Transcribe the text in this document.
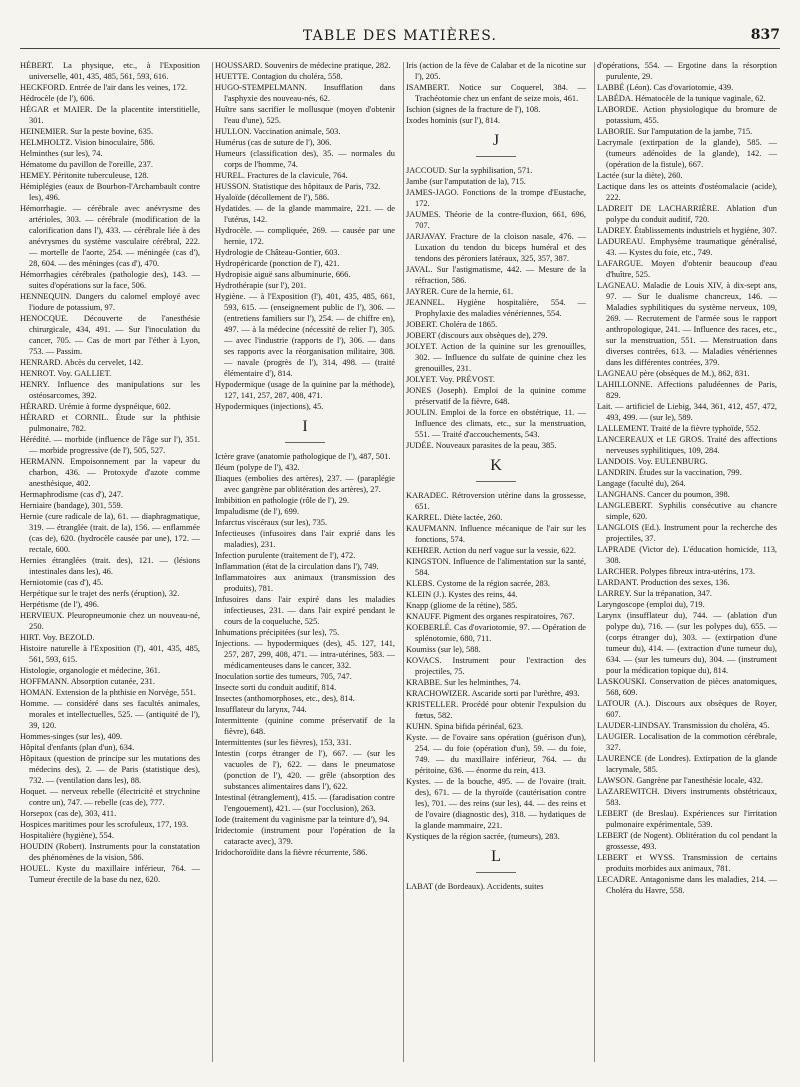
TABLE DES MATIÈRES.	837
HÉBERT. La physique, etc., à l'Exposition universelle, 401, 435, 485, 561, 593, 616.
HECKFORD. Entrée de l'air dans les veines, 172.
Hédrocèle (de l'), 606.
HÉGAR et MAIER. De la placentite interstitielle, 301.
HEINEMIER. Sur la peste bovine, 635.
HELMHOLTZ. Vision binoculaire, 586.
Helminthes (sur les), 74.
Hématome du pavillon de l'oreille, 237.
HEMEY. Péritonite tuberculeuse, 128.
Hémiplégies (eaux de Bourbon-l'Archambault contre les), 496.
Hémorrhagie. — cérébrale avec anévrysme des artérioles, 303. — cérébrale (modification de la calorification dans l'), 433. — cérébrale liée à des anévrysmes du système vasculaire cérébral, 222. — mortelle de l'aorte, 254. — méningée (cas d'), 28, 604. — des méninges (cas d'), 470.
Hémorrhagies cérébrales (pathologie des), 143. — suites d'opérations sur la face, 506.
HENNEQUIN. Dangers du calomel employé avec l'iodure de potassium, 97.
HENOCQUE. Découverte de l'anesthésie chirurgicale, 434, 491. — Sur l'inoculation du cancer, 705. — Cas de mort par l'éther à Lyon, 753. — Passim.
HENRARD. Abcès du cervelet, 142.
HENROT. Voy. GALLIET.
HENRY. Influence des manipulations sur les ostéosarcomes, 392.
HÉRARD. Urémie à forme dyspnéique, 602.
HÉRARD et CORNIL. Étude sur la phthisie pulmonaire, 782.
Hérédité. — morbide (influence de l'âge sur l'), 351. — morbide progressive (de l'), 505, 527.
HERMANN. Empoisonnement par la vapeur du charbon, 436. — Protoxyde d'azote comme anesthésique, 402.
Hermaphrodisme (cas d'), 247.
Herniaire (bandage), 301, 559.
Hernie (cure radicale de la), 61. — diaphragmatique, 319. — étranglée (trait. de la), 156. — enflammée (cas de), 620. (hydrocèle causée par une), 172. — rectale, 600.
Hernies étranglées (trait. des), 121. — (lésions intestinales dans les), 46.
Herniotomie (cas d'), 45.
Herpétique sur le trajet des nerfs (éruption), 32.
Herpétisme (de l'), 496.
HERVIEUX. Pleuropneumonie chez un nouveau-né, 250.
HIRT. Voy. BEZOLD.
Histoire naturelle à l'Exposition (l'), 401, 435, 485, 561, 593, 615.
Histologie, organologie et médecine, 361.
HOFFMANN. Absorption cutanée, 231.
HOMAN. Extension de la phthisie en Norvège, 551.
Homme. — considéré dans ses facultés animales, morales et intellectuelles, 525. — (antiquité de l'), 39, 120.
Hommes-singes (sur les), 409.
Hôpital d'enfants (plan d'un), 634.
Hôpitaux (question de principe sur les mutations des médecins des), 2. — de Paris (statistique des), 732. — (ventilation dans les), 88.
Hoquet. — nerveux rebelle (électricité et strychnine contre un), 747. — rebelle (cas de), 777.
Horsepox (cas de), 303, 411.
Hospices maritimes pour les scrofuleux, 177, 193.
Hospitalière (hygiène), 554.
HOUDIN (Robert). Instruments pour la constatation des phénomènes de la vision, 586.
HOUEL. Kyste du maxillaire inférieur, 764. — Tumeur érectile de la base du nez, 620.
HOUSSARD. Souvenirs de médecine pratique, 282.
HUETTE. Contagion du choléra, 558.
HUGO-STEMPELMANN. Insufflation dans l'asphyxie des nouveau-nés, 62.
Huître sans sacrifier le mollusque (moyen d'obtenir l'eau d'une), 525.
HULLON. Vaccination animale, 503.
Humérus (cas de suture de l'), 306.
Humeurs (classification des), 35. — normales du corps de l'homme, 74.
HUREL. Fractures de la clavicule, 764.
HUSSON. Statistique des hôpitaux de Paris, 732.
Hyaloïde (décollement de l'), 586.
Hydatides. — de la glande mammaire, 221. — de l'utérus, 142.
Hydrocèle. — compliquée, 269. — causée par une hernie, 172.
Hydrologie de Château-Gontier, 603.
Hydropéricarde (ponction de l'), 421.
Hydropisie aiguë sans albuminurie, 666.
Hydrothérapie (sur l'), 201.
Hygiène. — à l'Exposition (l'), 401, 435, 485, 661, 593, 615. — (enseignement public de l'), 306. — (entretiens familiers sur l'), 254. — de chiffre en), 497. — à la médecine (nécessité de relier l'), 305. — avec l'industrie (rapports de l'), 306. — dans ses rapports avec la réorganisation militaire, 308. — navale (progrès de l'), 314, 498. — (traité élémentaire d'), 814.
Hypodermique (usage de la quinine par la méthode), 127, 141, 257, 287, 408, 471.
Hypodermiques (injections), 45.
I
Ictère grave (anatomie pathologique de l'), 487, 501.
Iléum (polype de l'), 432.
Iliaques (embolies des artères), 237. — (paraplégie avec gangrène par oblitération des artères), 27.
Imbibition en pathologie (rôle de l'), 29.
Impaludisme (de l'), 699.
Infarctus viscéraux (sur les), 735.
Infectieuses (infusoires dans l'air exprié dans les maladies), 231.
Infection purulente (traitement de l'), 472.
Inflammation (état de la circulation dans l'), 749.
Inflammatoires aux animaux (transmission des produits), 781.
Infusoires dans l'air expiré dans les maladies infectieuses, 231. — dans l'air expiré pendant le cours de la coqueluche, 525.
Inhumations précipitées (sur les), 75.
Injections. — hypodermiques (des), 45. 127, 141, 257, 287, 299, 408, 471. — intra-utérines, 583. — médicamenteuses dans le cancer, 332.
Inoculation sortie des tumeurs, 705, 747.
Insecte sorti du conduit auditif, 814.
Insectes (anthomorphoses, etc., des), 814.
Insufflateur du larynx, 744.
Intermittente (quinine comme préservatif de la fièvre), 648.
Intermittentes (sur les fièvres), 153, 331.
Intestin (corps étranger de l'), 667. — (sur les vacuoles de l'), 622. — dans le pneumatose (ponction de l'), 420. — grêle (absorption des substances alimentaires dans l'), 622.
Intestinal (étranglement), 415. — (faradisation contre l'engouement), 421. — (sur l'occlusion), 263.
Iode (traitement du vaginisme par la teinture d'), 94.
Iridectomie (instrument pour l'opération de la cataracte avec), 379.
Iridochoroïdite dans la fièvre récurrente, 586.
Iris (action de la fève de Calabar et de la nicotine sur l'), 205.
ISAMBERT. Notice sur Coquerel, 384. — Trachéotomie chez un enfant de seize mois, 461.
Ischion (signes de la fracture de l'), 108.
Ixodes hominis (sur l'), 814.
J
JACCOUD. Sur la syphilisation, 571.
Jambe (sur l'amputation de la), 715.
JAMES-JAGO. Fonctions de la trompe d'Eustache, 172.
JAUMES. Théorie de la contre-fluxion, 661, 696, 707.
JARJAVAY. Fracture de la cloison nasale, 476. — Luxation du tendon du biceps huméral et des tendons des péroniers latéraux, 325, 357, 387.
JAVAL. Sur l'astigmatisme, 442. — Mesure de la réfraction, 586.
JAYRER. Cure de la hernie, 61.
JEANNEL. Hygiène hospitalière, 554. — Prophylaxie des maladies vénériennes, 554.
JOBERT. Choléra de 1865.
JOBERT (discours aux obsèques de), 279.
JOLYET. Action de la quinine sur les grenouilles, 302. — Influence du sulfate de quinine chez les grenouilles, 231.
JOLYET. Voy. PRÉVOST.
JONES (Joseph). Emploi de la quinine comme préservatif de la fièvre, 648.
JOULIN. Emploi de la force en obstétrique, 11. — Influence des climats, etc., sur la menstruation, 551. — Traité d'accouchements, 543.
JUDÉE. Nouveaux parasites de la peau, 385.
K
KARADEC. Rétroversion utérine dans la grossesse, 651.
KARREL. Diète lactée, 260.
KAUFMANN. Influence mécanique de l'air sur les fonctions, 574.
KEHRER. Action du nerf vague sur la vessie, 622.
KINGSTON. Influence de l'alimentation sur la santé, 584.
KLEBS. Cystome de la région sacrée, 283.
KLEIN (J.). Kystes des reins, 44.
Knapp (gliome de la rétine), 585.
KNAUFF. Pigment des organes respiratoires, 767.
KOEBERLÉ. Cas d'ovariotomie, 97. — Opération de splénotomie, 680, 711.
Koumiss (sur le), 588.
KOVACS. Instrument pour l'extraction des projectiles, 75.
KRABBE. Sur les helminthes, 74.
KRACHOWIZER. Ascaride sorti par l'urèthre, 493.
KRISTELLER. Procédé pour obtenir l'expulsion du fœtus, 582.
KUHN. Spina bifida périnéal, 623.
Kyste. — de l'ovaire sans opération (guérison d'un), 254. — du foie (opération d'un), 59. — du foie, 749. — du maxillaire inférieur, 764. — du péritoine, 636. — énorme du rein, 413.
Kystes. — de la bouche, 495. — de l'ovaire (trait. des), 671. — de la thyroïde (cautérisation contre les), 701. — des reins (sur les), 44. — des reins et de l'ovaire (diagnostic des), 318. — hydatiques de la glande mammaire, 221.
Kystiques de la région sacrée, (tumeurs), 283.
L
LABAT (de Bordeaux). Accidents, suites
d'opérations, 554. — Ergotine dans la résorption purulente, 29.
LABBÉ (Léon). Cas d'ovariotomie, 439.
LABÉDA. Hématocèle de la tunique vaginale, 62.
LABORDE. Action physiologique du bromure de potassium, 455.
LABORIE. Sur l'amputation de la jambe, 715.
Lacrymale (extirpation de la glande), 585. — (tumeurs adénoïdes de la glande), 142. — (opération de la fistule), 667.
Lactée (sur la diète), 260.
Lactique dans les os atteints d'ostéomalacie (acide), 222.
LADREIT DE LACHARRIÈRE. Ablation d'un polype du conduit auditif, 720.
LADREY. Établissements industriels et hygiène, 307.
LADUREAU. Emphysème traumatique généralisé, 43. — Kystes du foie, etc., 749.
LAFARGUE. Moyen d'obtenir beaucoup d'eau d'huître, 525.
LAGNEAU. Maladie de Louis XIV, à dix-sept ans, 97. — Sur le dualisme chancreux, 146. — Maladies syphilitiques du système nerveux, 109, 269. — Recrutement de l'armée sous le rapport anthropologique, 241. — Influence des races, etc., sur la menstruation, 551. — Menstruation dans diverses contrées, 613. — Maladies vénériennes dans les différentes contrées, 379.
LAGNEAU père (obsèques de M.), 862, 831.
LAHILLONNE. Affections paludéennes de Paris, 829.
Lait. — artificiel de Liebig, 344, 361, 412, 457, 472, 493, 499. — (sur le), 589.
LALLEMENT. Traité de la fièvre typhoïde, 552.
LANCEREAUX et LE GROS. Traité des affections nerveuses syphilitiques, 109, 284.
LANDOIS. Voy. EULENBURG.
LANDRIN. Études sur la vaccination, 799.
Langage (faculté du), 264.
LANGHANS. Cancer du poumon, 398.
LANGLEBERT. Syphilis consécutive au chancre simple, 620.
LANGLOIS (Ed.). Instrument pour la recherche des projectiles, 37.
LAPRADE (Victor de). L'éducation homicide, 113, 308.
LARCHER. Polypes fibreux intra-utérins, 173.
LARDANT. Production des sexes, 136.
LARREY. Sur la trépanation, 347.
Laryngoscope (emploi du), 719.
Larynx (insufflateur du), 744. — (ablation d'un polype du), 716. — (sur les polypes du), 655. — (corps étranger du), 303. — (extirpation d'une tumeur du), 414. — (extraction d'une tumeur du), 634. — (sur les tumeurs du), 304. — (instrument pour la médication topique du), 814.
LASKOUSKI. Conservation de pièces anatomiques, 568, 609.
LATOUR (A.). Discours aux obsèques de Royer, 607.
LAUDER-LINDSAY. Transmission du choléra, 45.
LAUGIER. Localisation de la commotion cérébrale, 327.
LAURENCE (de Londres). Extirpation de la glande lacrymale, 585.
LAWSON. Gangrène par l'anesthésie locale, 432.
LAZAREWITCH. Divers instruments obstétricaux, 583.
LEBERT (de Breslau). Expériences sur l'irritation pulmonaire expérimentale, 539.
LEBERT (de Nogent). Oblitération du col pendant la grossesse, 493.
LEBERT et WYSS. Transmission de certains produits morbides aux animaux, 781.
LECADRE. Antagonisme dans les maladies, 214. — Choléra du Havre, 558.
